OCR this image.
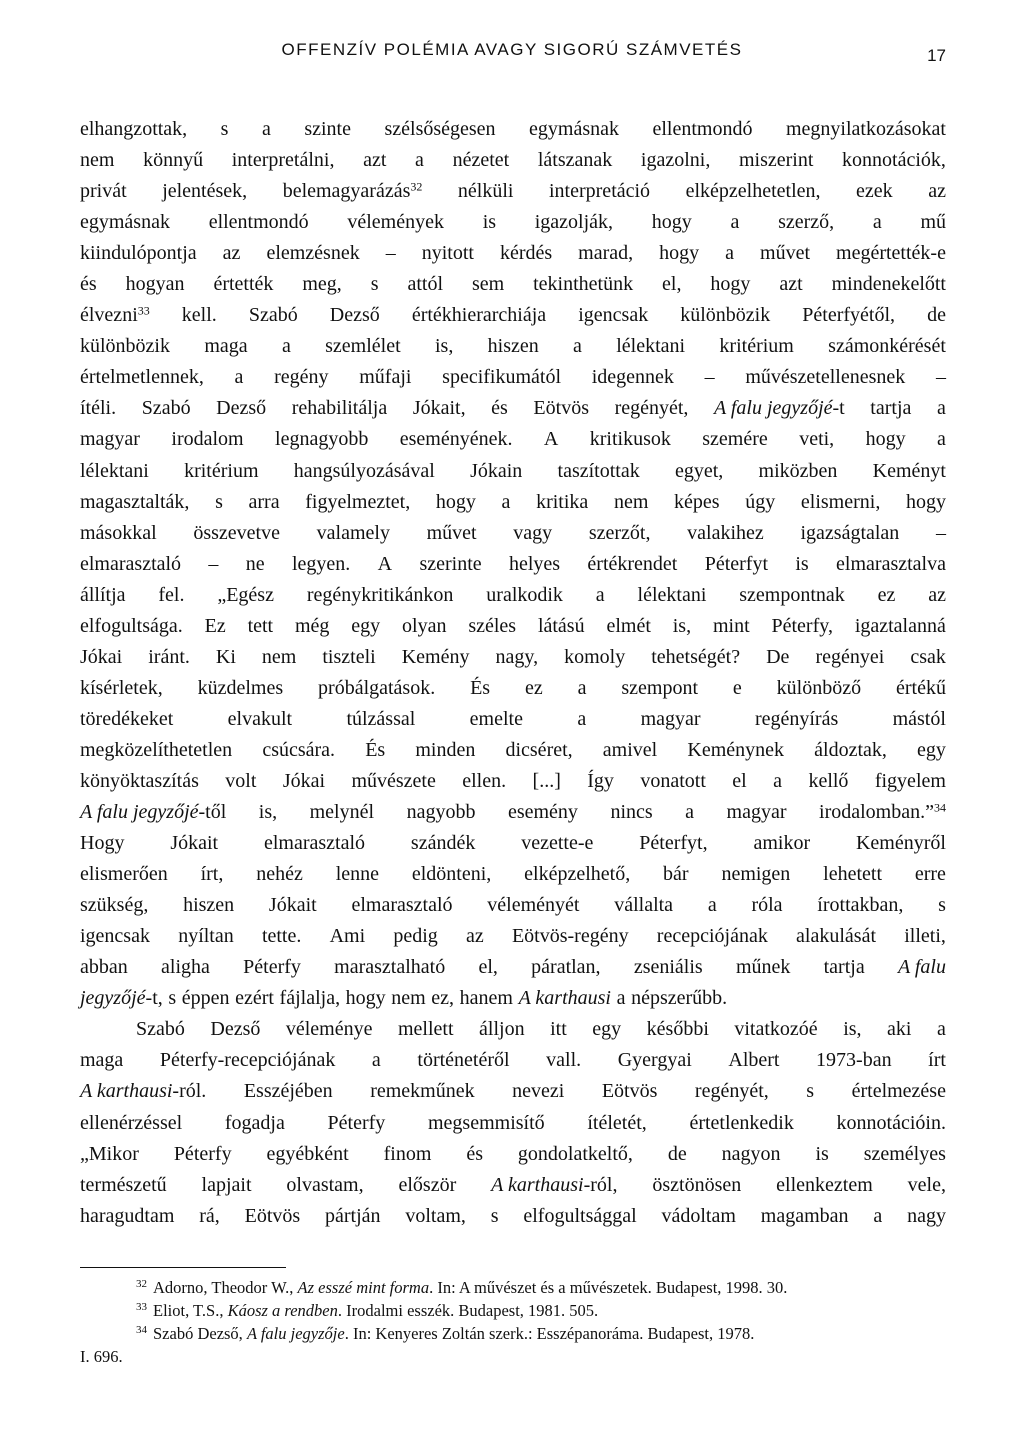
OFFENZÍV POLÉMIA AVAGY SIGORÚ SZÁMVETÉS	17
elhangzottak, s a szinte szélsőségesen egymásnak ellentmondó megnyilatkozásokat
nem könnyű interpretálni, azt a nézetet látszanak igazolni, miszerint konnotációk,
privát jelentések, belemagyarázás$^{32}$ nélküli interpretáció elképzelhetetlen, ezek az
egymásnak ellentmondó vélemények is igazolják, hogy a szerző, a mű
kiindulópontja az elemzésnek – nyitott kérdés marad, hogy a művet megértették-e
és hogyan értették meg, s attól sem tekinthetünk el, hogy azt mindenekelőtt
élvezni$^{33}$ kell. Szabó Dezső értékhierarchiája igencsak különbözik Péterfyétől, de
különbözik maga a szemlélet is, hiszen a lélektani kritérium számonkérését
értelmetlennek, a regény műfaji specifikumától idegennek – művészetellenesnek –
ítéli. Szabó Dezső rehabilitálja Jókait, és Eötvös regényét, A falu jegyzőjé-t tartja a
magyar irodalom legnagyobb eseményének. A kritikusok szemére veti, hogy a
lélektani kritérium hangsúlyozásával Jókain taszítottak egyet, miközben Keményt
magasztalták, s arra figyelmeztet, hogy a kritika nem képes úgy elismerni, hogy
másokkal összevetve valamely művet vagy szerzőt, valakihez igazságtalan –
elmarasztaló – ne legyen. A szerinte helyes értékrendet Péterfyt is elmarasztalva
állítja fel. „Egész regénykritikánkon uralkodik a lélektani szempontnak ez az
elfogultsága. Ez tett még egy olyan széles látású elmét is, mint Péterfy, igaztalanná
Jókai iránt. Ki nem tiszteli Kemény nagy, komoly tehetségét? De regényei csak
kísérletek, küzdelmes próbálgatások. És ez a szempont e különböző értékű
töredékeket	elvakult	túlzással	emelte	a	magyar	regényírás	mástól
megközelíthetetlen csúcsára. És minden dicséret, amivel Keménynek áldoztak, egy
könyöktaszítás volt Jókai művészete ellen. [...] Így vonatott el a kellő figyelem
A falu jegyzőjé-től is, melynél nagyobb esemény nincs a magyar irodalomban.”$^{34}$
Hogy Jókait elmarasztaló szándék vezette-e Péterfyt, amikor Keményről
elismerően írt, nehéz lenne eldönteni, elképzelhető, bár nemigen lehetett erre
szükség, hiszen Jókait elmarasztaló véleményét vállalta a róla írottakban, s
igencsak nyíltan tette. Ami pedig az Eötvös-regény recepciójának alakulását illeti,
abban aligha Péterfy marasztalható el, páratlan, zseniális műnek tartja A falu
jegyzőjé-t, s éppen ezért fájlalja, hogy nem ez, hanem A karthausi a népszerűbb.
Szabó Dezső véleménye mellett álljon itt egy későbbi vitatkozóé is, aki a
maga Péterfy-recepciójának a történetéről vall. Gyergyai Albert 1973-ban írt
A karthausi-ról. Esszéjében remekműnek nevezi Eötvös regényét, s értelmezése
ellenérzéssel fogadja Péterfy megsemmisítő ítéletét, értetlenkedik konnotációin.
„Mikor Péterfy egyébként finom és gondolatkeltő, de nagyon is személyes
természetű lapjait olvastam, először A karthausi-ról, ösztönösen ellenkeztem vele,
haragudtam rá, Eötvös pártján voltam, s elfogultsággal vádoltam magamban a nagy
$^{32}$ Adorno, Theodor W., Az esszé mint forma. In: A művészet és a művészetek. Budapest, 1998. 30.
$^{33}$ Eliot, T.S., Káosz a rendben. Irodalmi esszék. Budapest, 1981. 505.
$^{34}$ Szabó Dezső, A falu jegyzője. In: Kenyeres Zoltán szerk.: Esszépanoráma. Budapest, 1978.
I. 696.
